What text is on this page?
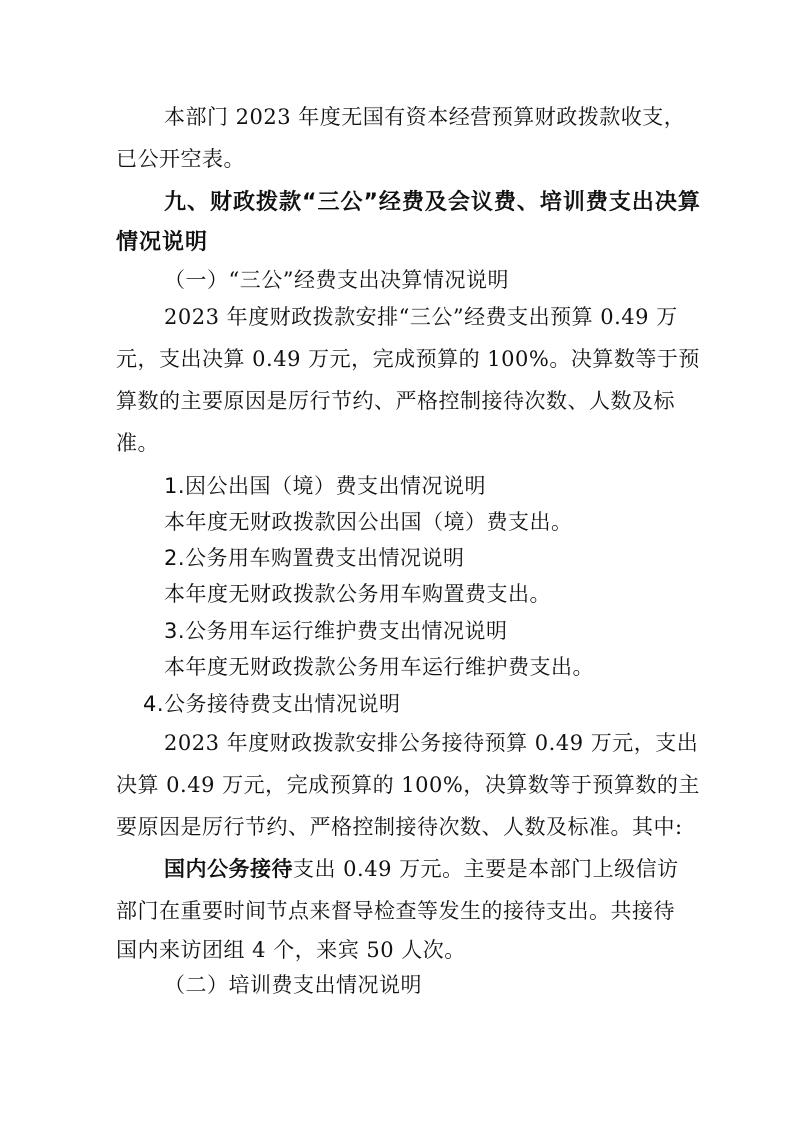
本部门 2023 年度无国有资本经营预算财政拨款收支，
已公开空表。
九、财政拨款“三公”经费及会议费、培训费支出决算
情况说明
（一）“三公”经费支出决算情况说明
2023 年度财政拨款安排“三公”经费支出预算 0.49 万
元，支出决算 0.49 万元，完成预算的 100%。决算数等于预
算数的主要原因是厉行节约、严格控制接待次数、人数及标
准。
1.因公出国（境）费支出情况说明
本年度无财政拨款因公出国（境）费支出。
2.公务用车购置费支出情况说明
本年度无财政拨款公务用车购置费支出。
3.公务用车运行维护费支出情况说明
本年度无财政拨款公务用车运行维护费支出。
4.公务接待费支出情况说明
2023 年度财政拨款安排公务接待预算 0.49 万元，支出
决算 0.49 万元，完成预算的 100%，决算数等于预算数的主
要原因是厉行节约、严格控制接待次数、人数及标准。其中:
国内公务接待支出 0.49 万元。主要是本部门上级信访
部门在重要时间节点来督导检查等发生的接待支出。共接待
国内来访团组 4 个，来宾 50 人次。
（二）培训费支出情况说明
